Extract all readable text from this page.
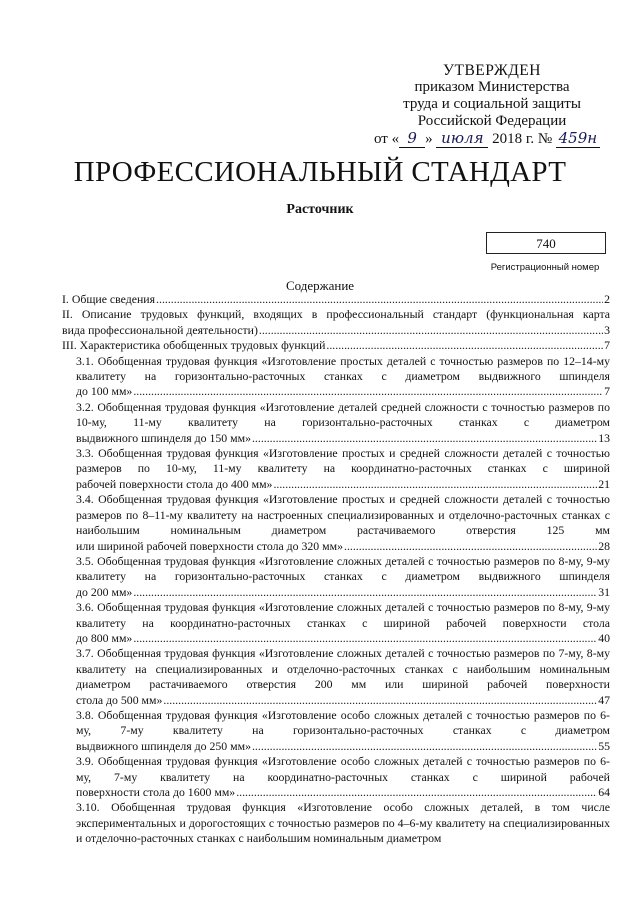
УТВЕРЖДЕН
приказом Министерства
труда и социальной защиты
Российской Федерации
от « 9 » июля 2018 г. № 459н
ПРОФЕССИОНАЛЬНЫЙ СТАНДАРТ
Расточник
740
Регистрационный номер
Содержание
I. Общие сведения .....	2
II. Описание трудовых функций, входящих в профессиональный стандарт (функциональная карта
вида профессиональной деятельности) .....	3
III. Характеристика обобщенных трудовых функций .....	7
3.1. Обобщенная трудовая функция «Изготовление простых деталей с точностью размеров по 12–14-му квалитету на горизонтально-расточных станках с диаметром выдвижного шпинделя
до 100 мм» .....	7
3.2. Обобщенная трудовая функция «Изготовление деталей средней сложности с точностью размеров по 10-му, 11-му квалитету на горизонтально-расточных станках с диаметром
выдвижного шпинделя до 150 мм» .....	13
3.3. Обобщенная трудовая функция «Изготовление простых и средней сложности деталей с точностью размеров по 10-му, 11-му квалитету на координатно-расточных станках с шириной
рабочей поверхности стола до 400 мм» .....	21
3.4. Обобщенная трудовая функция «Изготовление простых и средней сложности деталей с точностью размеров по 8–11-му квалитету на настроенных специализированных и отделочно-расточных станках с наибольшим номинальным диаметром растачиваемого отверстия 125 мм
или шириной рабочей поверхности стола до 320 мм» .....	28
3.5. Обобщенная трудовая функция «Изготовление сложных деталей с точностью размеров по 8-му, 9-му квалитету на горизонтально-расточных станках с диаметром выдвижного шпинделя
до 200 мм» .....	31
3.6. Обобщенная трудовая функция «Изготовление сложных деталей с точностью размеров по 8-му, 9-му квалитету на координатно-расточных станках с шириной рабочей поверхности стола
до 800 мм» .....	40
3.7. Обобщенная трудовая функция «Изготовление сложных деталей с точностью размеров по 7-му, 8-му квалитету на специализированных и отделочно-расточных станках с наибольшим номинальным диаметром растачиваемого отверстия 200 мм или шириной рабочей поверхности
стола до 500 мм» .....	47
3.8. Обобщенная трудовая функция «Изготовление особо сложных деталей с точностью размеров по 6-му, 7-му квалитету на горизонтально-расточных станках с диаметром
выдвижного шпинделя до 250 мм» .....	55
3.9. Обобщенная трудовая функция «Изготовление особо сложных деталей с точностью размеров по 6-му, 7-му квалитету на координатно-расточных станках с шириной рабочей
поверхности стола до 1600 мм» .....	64
3.10. Обобщенная трудовая функция «Изготовление особо сложных деталей, в том числе экспериментальных и дорогостоящих с точностью размеров по 4–6-му квалитету на специализированных и отделочно-расточных станках с наибольшим номинальным диаметром
